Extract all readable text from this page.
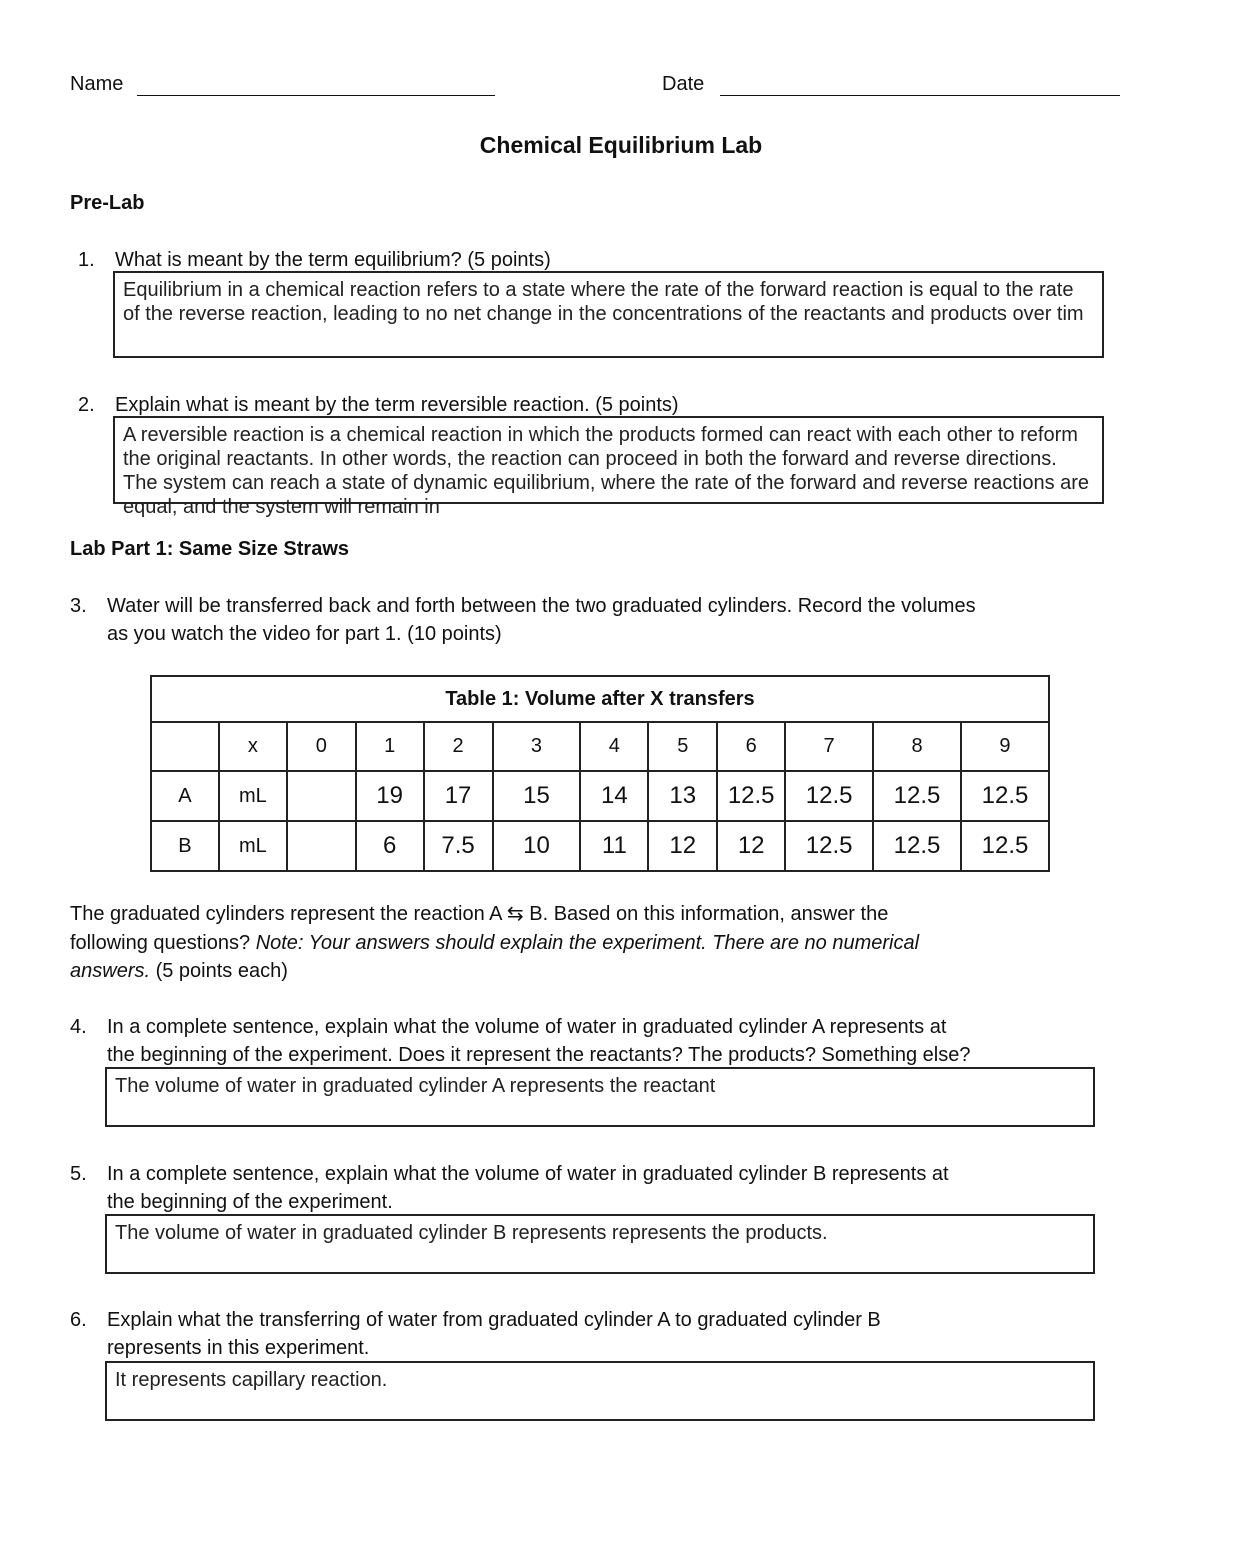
Name	Date
Chemical Equilibrium Lab
Pre-Lab
1. What is meant by the term equilibrium? (5 points)
Equilibrium in a chemical reaction refers to a state where the rate of the forward reaction is equal to the rate of the reverse reaction, leading to no net change in the concentrations of the reactants and products over tim
2. Explain what is meant by the term reversible reaction. (5 points)
A reversible reaction is a chemical reaction in which the products formed can react with each other to reform the original reactants. In other words, the reaction can proceed in both the forward and reverse directions. The system can reach a state of dynamic equilibrium, where the rate of the forward and reverse reactions are equal, and the system will remain in
Lab Part 1: Same Size Straws
3. Water will be transferred back and forth between the two graduated cylinders. Record the volumes
as you watch the video for part 1. (10 points)
Table 1: Volume after X transfers											
	x	0	1	2	3	4	5	6	7	8	9
A	mL		19	17	15	14	13	12.5	12.5	12.5	12.5
B	mL		6	7.5	10	11	12	12	12.5	12.5	12.5
The graduated cylinders represent the reaction A ⇆ B. Based on this information, answer the
following questions? Note: Your answers should explain the experiment. There are no numerical
answers. (5 points each)
4. In a complete sentence, explain what the volume of water in graduated cylinder A represents at
the beginning of the experiment. Does it represent the reactants? The products? Something else?
The volume of water in graduated cylinder A represents the reactant
5. In a complete sentence, explain what the volume of water in graduated cylinder B represents at
the beginning of the experiment.
The volume of water in graduated cylinder B represents represents the products.
6. Explain what the transferring of water from graduated cylinder A to graduated cylinder B
represents in this experiment.
It represents capillary reaction.
